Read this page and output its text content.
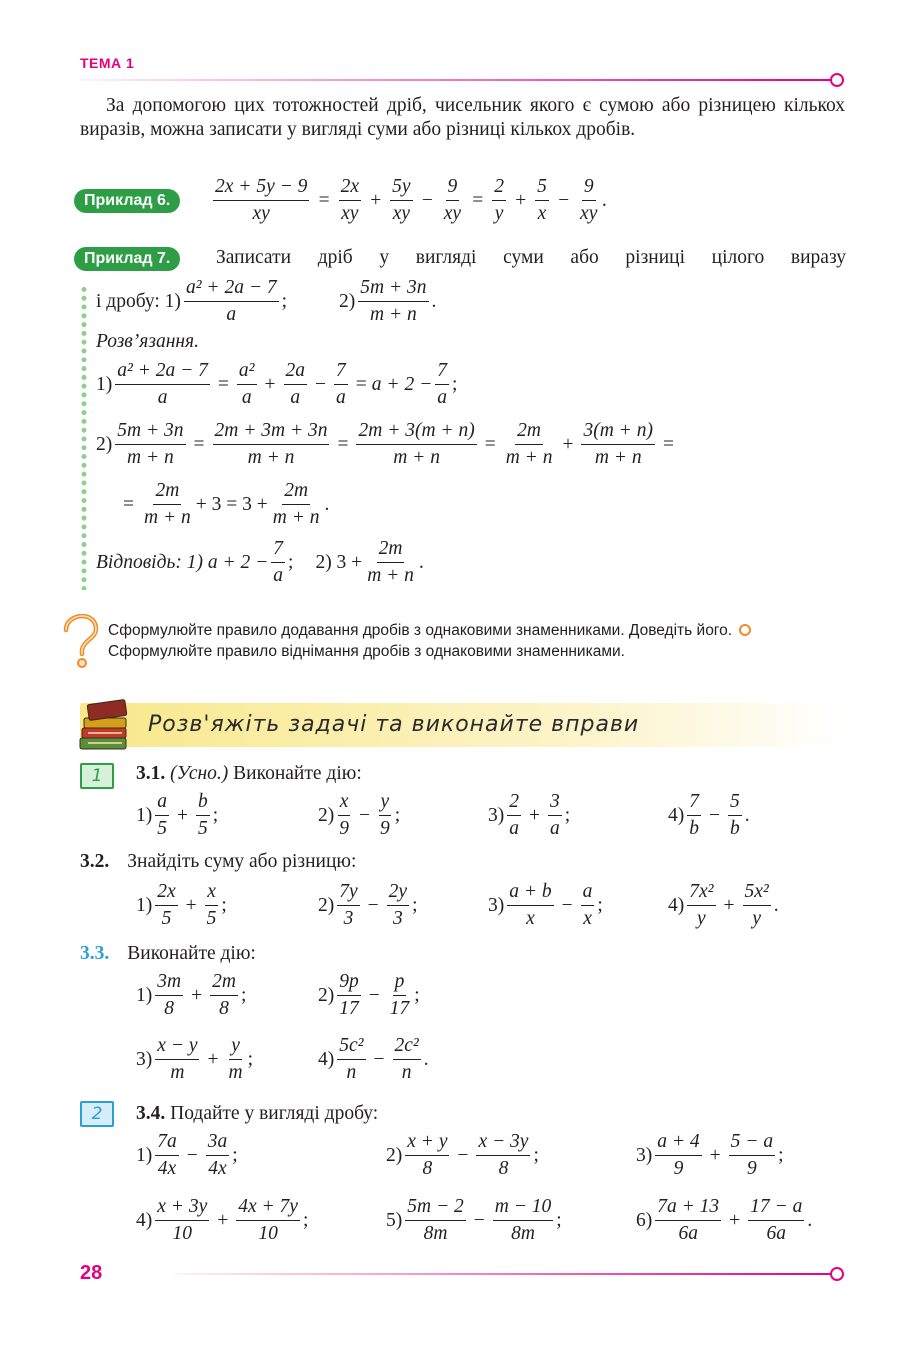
ТЕМА 1
За допомогою цих тотожностей дріб, чисельник якого є сумою або різницею кількох виразів, можна записати у вигляді суми або різниці кількох дробів.
Приклад 6.	$\frac{2x + 5y - 9}{xy} = \frac{2x}{xy} + \frac{5y}{xy} - \frac{9}{xy} = \frac{2}{y} + \frac{5}{x} - \frac{9}{xy}$ .
Приклад 7.	Записати дріб у вигляді суми або різниці цілого виразу
і дробу: $1) \frac{\text{a² + 2a − 7}}{a}$ ;	$2) \frac{5m + 3n}{m + n}$ .
Розв’язання.
$1) \frac{\text{a² + 2a − 7}}{a} = \frac{\text{a²}}{a} + \frac{2a}{a} - \frac{7}{a} = a + 2 - \frac{7}{a}$ ;
$2) \frac{5m + 3n}{m + n} = \frac{2m + 3m + 3n}{m + n} = \frac{2m + 3(m + n)}{m + n} = \frac{2m}{m + n} + \frac{3(m + n)}{m + n}$ =
= $\frac{2m}{m + n} + 3 = 3 + \frac{2m}{m + n}$ .
Відповідь : 1) $a + 2 - \frac{7}{a}$ ; 2) $3 + \frac{2m}{m + n}$ .
Сформулюйте правило додавання дробів з однаковими знаменниками. Доведіть його.  Сформулюйте правило віднімання дробів з однаковими знаменниками.
Розв'яжіть задачі та виконайте вправи
1	3.1.
(Усно.)
Виконайте дію:
$1) \frac{a}{5} + \frac{b}{5}$ ;	$2) \frac{x}{9} - \frac{y}{9}$ ;	$3) \frac{2}{a} + \frac{3}{a}$ ;	$4) \frac{7}{b} - \frac{5}{b}$ .
3.2. Знайдіть суму або різницю:
$1) \frac{2x}{5} + \frac{x}{5}$ ;	$2) \frac{7y}{3} - \frac{2y}{3}$ ;	$3) \frac{a + b}{x} - \frac{a}{x}$ ;	$4) \frac{\text{7x²}}{y} + \frac{\text{5x²}}{y}$ .
3.3. Виконайте дію:
$1) \frac{3m}{8} + \frac{2m}{8}$ ;	$2) \frac{9p}{17} - \frac{p}{17}$ ;
$3) \frac{x - y}{m} + \frac{y}{m}$ ;	$4) \frac{\text{5c²}}{n} - \frac{\text{2c²}}{n}$ .
2	3.4.
Подайте у вигляді дробу:
$1) \frac{7a}{4x} - \frac{3a}{4x}$ ;	$2) \frac{x + y}{8} - \frac{x - 3y}{8}$ ;	$3) \frac{a + 4}{9} + \frac{5 - a}{9}$ ;
$4) \frac{x + 3y}{10} + \frac{4x + 7y}{10}$ ;	$5) \frac{5m - 2}{8m} - \frac{m - 10}{8m}$ ;	$6) \frac{7a + 13}{6a} + \frac{17 - a}{6a}$ .
28
